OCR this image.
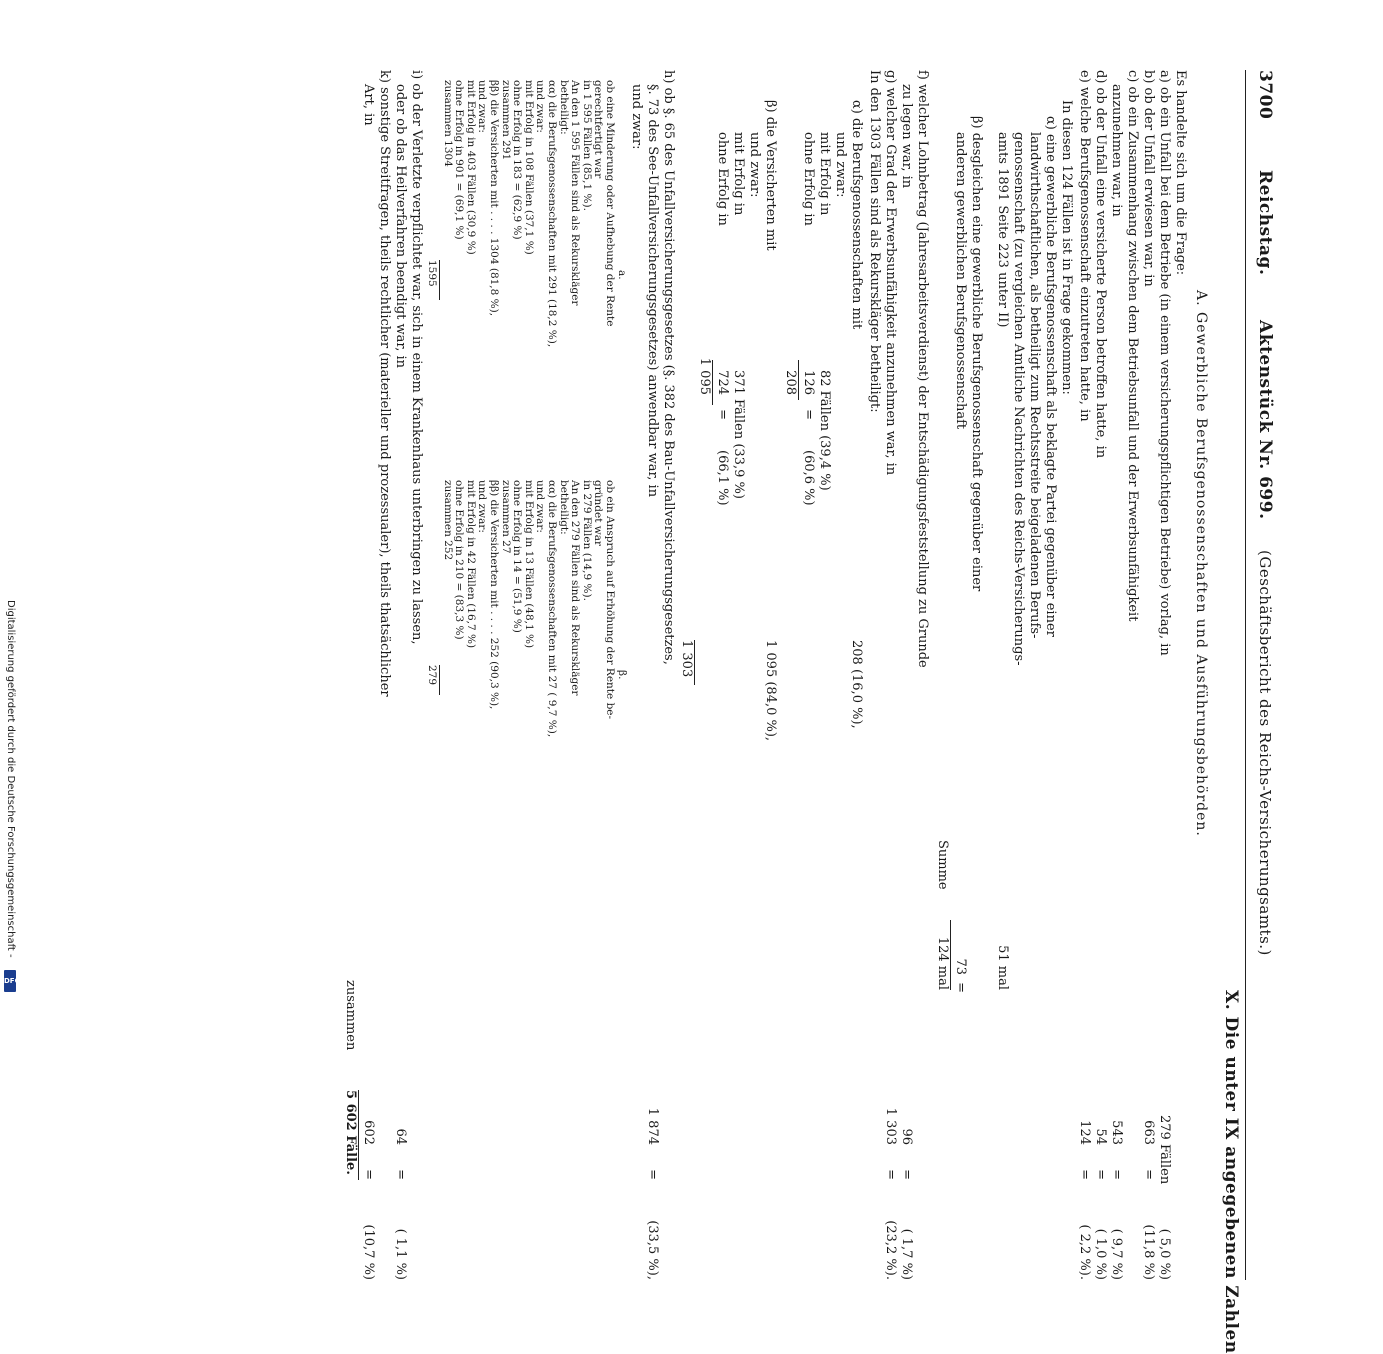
3700
Reichstag.
Aktenstück Nr. 699.
(Geschäftsbericht des Reichs-Versicherungsamts.)
X. Die unter IX angegebenen Zahlen
A. Gewerbliche Berufsgenossenschaften und Ausführungsbehörden.
Es handelte sich um die Frage:
a) ob ein Unfall bei dem Betriebe (in einem versicherungspflichtigen Betriebe) vorlag, in
279 Fällen
( 5,0 %)
b) ob der Unfall erwiesen war, in
663
=
(11,8 %)
c) ob ein Zusammenhang zwischen dem Betriebsunfall und der Erwerbsunfähigkeit
anzunehmen war, in
543
=
( 9,7 %)
d) ob der Unfall eine versicherte Person betroffen hatte, in
54
=
( 1,0 %)
e) welche Berufsgenossenschaft einzutreten hatte, in
124
=
( 2,2 %).
In diesen 124 Fällen ist in Frage gekommen:
α) eine gewerbliche Berufsgenossenschaft als beklagte Partei gegenüber einer
landwirthschaftlichen, als betheiligt zum Rechtsstreite beigeladenen Berufs-
genossenschaft (zu vergleichen Amtliche Nachrichten des Reichs-Versicherungs-
amts 1891 Seite 223 unter II)
51 mal
β) desgleichen eine gewerbliche Berufsgenossenschaft gegenüber einer
anderen gewerblichen Berufsgenossenschaft
73
=
Summe
124 mal
f) welcher Lohnbetrag (Jahresarbeitsverdienst) der Entschädigungsfeststellung zu Grunde
zu legen war, in
96
=
( 1,7 %)
g) welcher Grad der Erwerbsunfähigkeit anzunehmen war, in
1 303
=
(23,2 %).
In den 1303 Fällen sind als Rekurskläger betheiligt:
α) die Berufsgenossenschaften mit
208 (16,0 %),
und zwar:
mit Erfolg in
82 Fällen (39,4 %)
ohne Erfolg in
126
=
(60,6 %)
208
β) die Versicherten mit
1 095 (84,0 %),
und zwar:
mit Erfolg in
371 Fällen (33,9 %)
ohne Erfolg in
724
=
(66,1 %)
1 095
1 303
h) ob §. 65 des Unfallversicherungsgesetzes (§. 382 des Bau-Unfallversicherungsgesetzes,
§. 73 des See-Unfallversicherungsgesetzes) anwendbar war, in
1 874
=
(33,5 %),
und zwar:
a.
β.
1595
279
i) ob der Verletzte verpflichtet war, sich in einem Krankenhaus unterbringen zu lassen,
oder ob das Heilverfahren beendigt war, in
64
=
( 1,1 %)
k) sonstige Streitfragen, theils rechtlicher (materieller und prozessualer), theils thatsächlicher
Art, in
602
=
(10,7 %)
zusammen
5 602 Fälle.
ob eine Minderung oder Aufhebung der Rente
gerechtfertigt war
in 1 595 Fällen (85,1 %).
An den 1 595 Fällen sind als Rekurskläger
betheiligt:
αα) die Berufsgenossenschaften mit 291 (18,2 %),
und zwar:
mit Erfolg in 108 Fällen (37,1 %)
ohne Erfolg in 183 = (62,9 %)
zusammen 291
ββ) die Versicherten mit . . . . 1304 (81,8 %),
und zwar:
mit Erfolg in 403 Fällen (30,9 %)
ohne Erfolg in 901 = (69,1 %)
zusammen 1304
ob ein Anspruch auf Erhöhung der Rente be-
gründet war
in 279 Fällen (14,9 %).
An den 279 Fällen sind als Rekurskläger
betheiligt:
αα) die Berufsgenossenschaften mit 27 ( 9,7 %),
und zwar:
mit Erfolg in 13 Fällen (48,1 %)
ohne Erfolg in 14 = (51,9 %)
zusammen 27
ββ) die Versicherten mit . . . . 252 (90,3 %),
und zwar:
mit Erfolg in 42 Fällen (16,7 %)
ohne Erfolg in 210 = (83,3 %)
zusammen 252
Digitalisierung gefördert durch die Deutsche Forschungsgemeinschaft -
DFG
